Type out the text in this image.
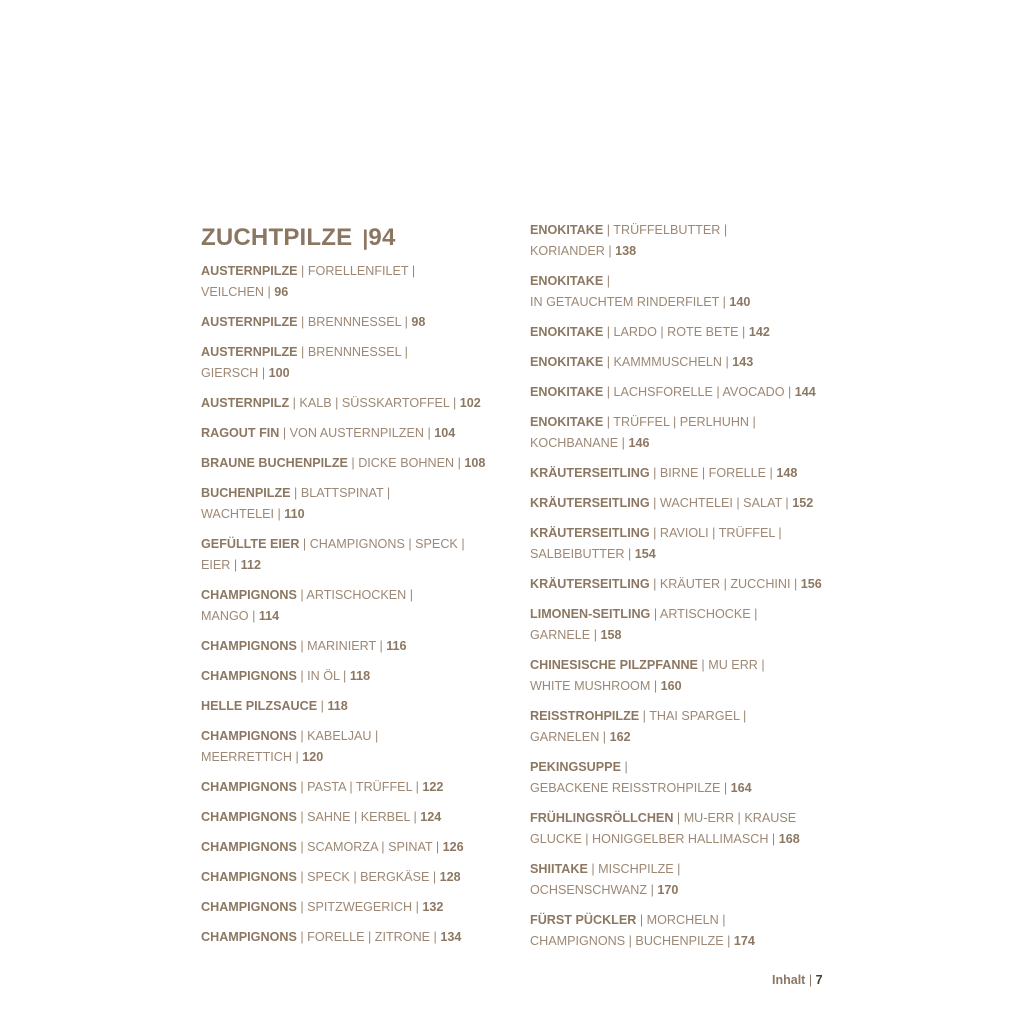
ZUCHTPILZE |94
AUSTERNPILZE | FORELLENFILET |
VEILCHEN | 96
AUSTERNPILZE | BRENNNESSEL | 98
AUSTERNPILZE | BRENNNESSEL |
GIERSCH | 100
AUSTERNPILZ | KALB | SÜSSKARTOFFEL | 102
RAGOUT FIN | VON AUSTERNPILZEN | 104
BRAUNE BUCHENPILZE | DICKE BOHNEN | 108
BUCHENPILZE | BLATTSPINAT |
WACHTELEI | 110
GEFÜLLTE EIER | CHAMPIGNONS | SPECK |
EIER | 112
CHAMPIGNONS | ARTISCHOCKEN |
MANGO | 114
CHAMPIGNONS | MARINIERT | 116
CHAMPIGNONS | IN ÖL | 118
HELLE PILZSAUCE | 118
CHAMPIGNONS | KABELJAU |
MEERRETTICH | 120
CHAMPIGNONS | PASTA | TRÜFFEL | 122
CHAMPIGNONS | SAHNE | KERBEL | 124
CHAMPIGNONS | SCAMORZA | SPINAT | 126
CHAMPIGNONS | SPECK | BERGKÄSE | 128
CHAMPIGNONS | SPITZWEGERICH | 132
CHAMPIGNONS | FORELLE | ZITRONE | 134
ENOKITAKE | TRÜFFELBUTTER |
KORIANDER | 138
ENOKITAKE |
IN GETAUCHTEM RINDERFILET | 140
ENOKITAKE | LARDO | ROTE BETE | 142
ENOKITAKE | KAMMMUSCHELN | 143
ENOKITAKE | LACHSFORELLE | AVOCADO | 144
ENOKITAKE | TRÜFFEL | PERLHUHN |
KOCHBANANE | 146
KRÄUTERSEITLING | BIRNE | FORELLE | 148
KRÄUTERSEITLING | WACHTELEI | SALAT | 152
KRÄUTERSEITLING | RAVIOLI | TRÜFFEL |
SALBEIBUTTER | 154
KRÄUTERSEITLING | KRÄUTER | ZUCCHINI | 156
LIMONEN-SEITLING | ARTISCHOCKE |
GARNELE | 158
CHINESISCHE PILZPFANNE | MU ERR |
WHITE MUSHROOM | 160
REISSTROHPILZE | THAI SPARGEL |
GARNELEN | 162
PEKINGSUPPE |
GEBACKENE REISSTROHPILZE | 164
FRÜHLINGSRÖLLCHEN | MU-ERR | KRAUSE
GLUCKE | HONIGGELBER HALLIMASCH | 168
SHIITAKE | MISCHPILZE |
OCHSENSCHWANZ | 170
FÜRST PÜCKLER | MORCHELN |
CHAMPIGNONS | BUCHENPILZE | 174
Inhalt | 7
